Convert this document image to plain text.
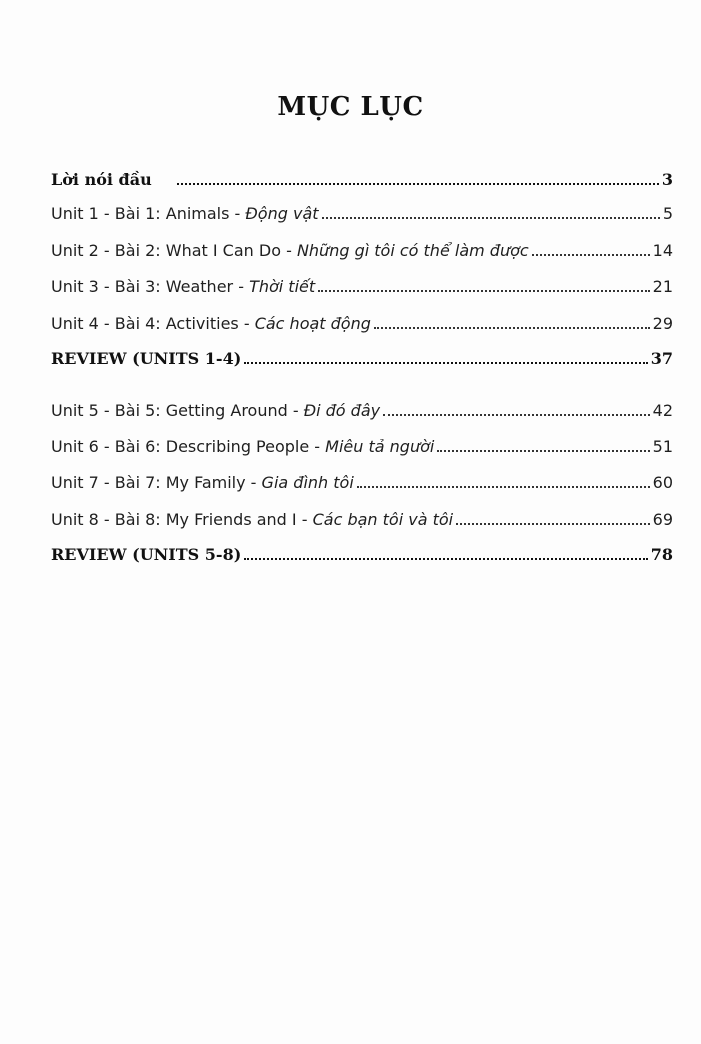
MỤC LỤC
Lời nói đầu	3
Unit 1 - Bài 1: Animals - Động vật	5
Unit 2 - Bài 2: What I Can Do - Những gì tôi có thể làm được	14
Unit 3 - Bài 3: Weather - Thời tiết	21
Unit 4 - Bài 4: Activities - Các hoạt động	29
REVIEW (UNITS 1-4)	37
Unit 5 - Bài 5: Getting Around - Đi đó đây	42
Unit 6 - Bài 6: Describing People - Miêu tả người	51
Unit 7 - Bài 7: My Family - Gia đình tôi	60
Unit 8 - Bài 8: My Friends and I - Các bạn tôi và tôi	69
REVIEW (UNITS 5-8)	78
